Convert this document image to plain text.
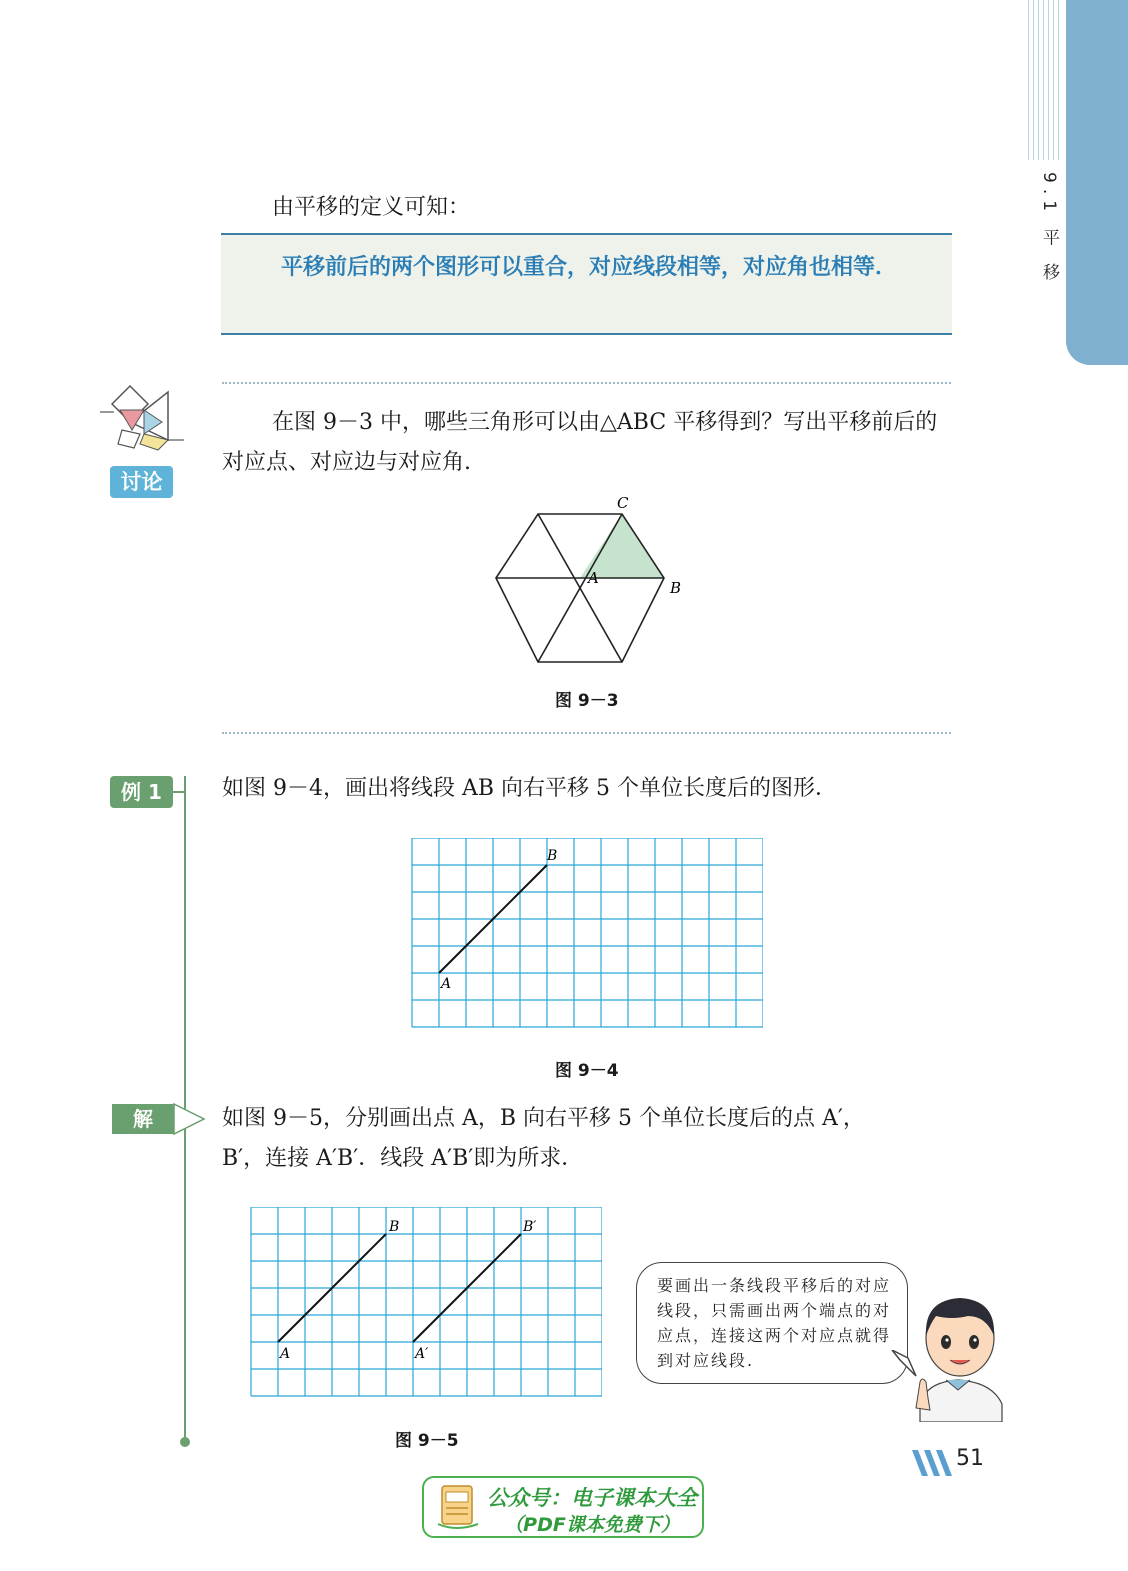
9.1 平 移
由平移的定义可知：
平移前后的两个图形可以重合，对应线段相等，对应角也相等．
讨论
在图 9－3 中，哪些三角形可以由△ABC 平移得到？写出平移前后的对应点、对应边与对应角.
C
A
B
图 9－3
例 1	如图 9－4，画出将线段 AB 向右平移 5 个单位长度后的图形．
A
B
图 9－4
解	如图 9－5，分别画出点 A，B 向右平移 5 个单位长度后的点 A′，
B′，连接 A′B′．线段 A′B′即为所求．
A
B
A′
B′
图 9－5
要画出一条线段平移后的对应线段，只需画出两个端点的对应点，连接这两个对应点就得到对应线段.
51
公众号：电子课本大全
（PDF课本免费下）
